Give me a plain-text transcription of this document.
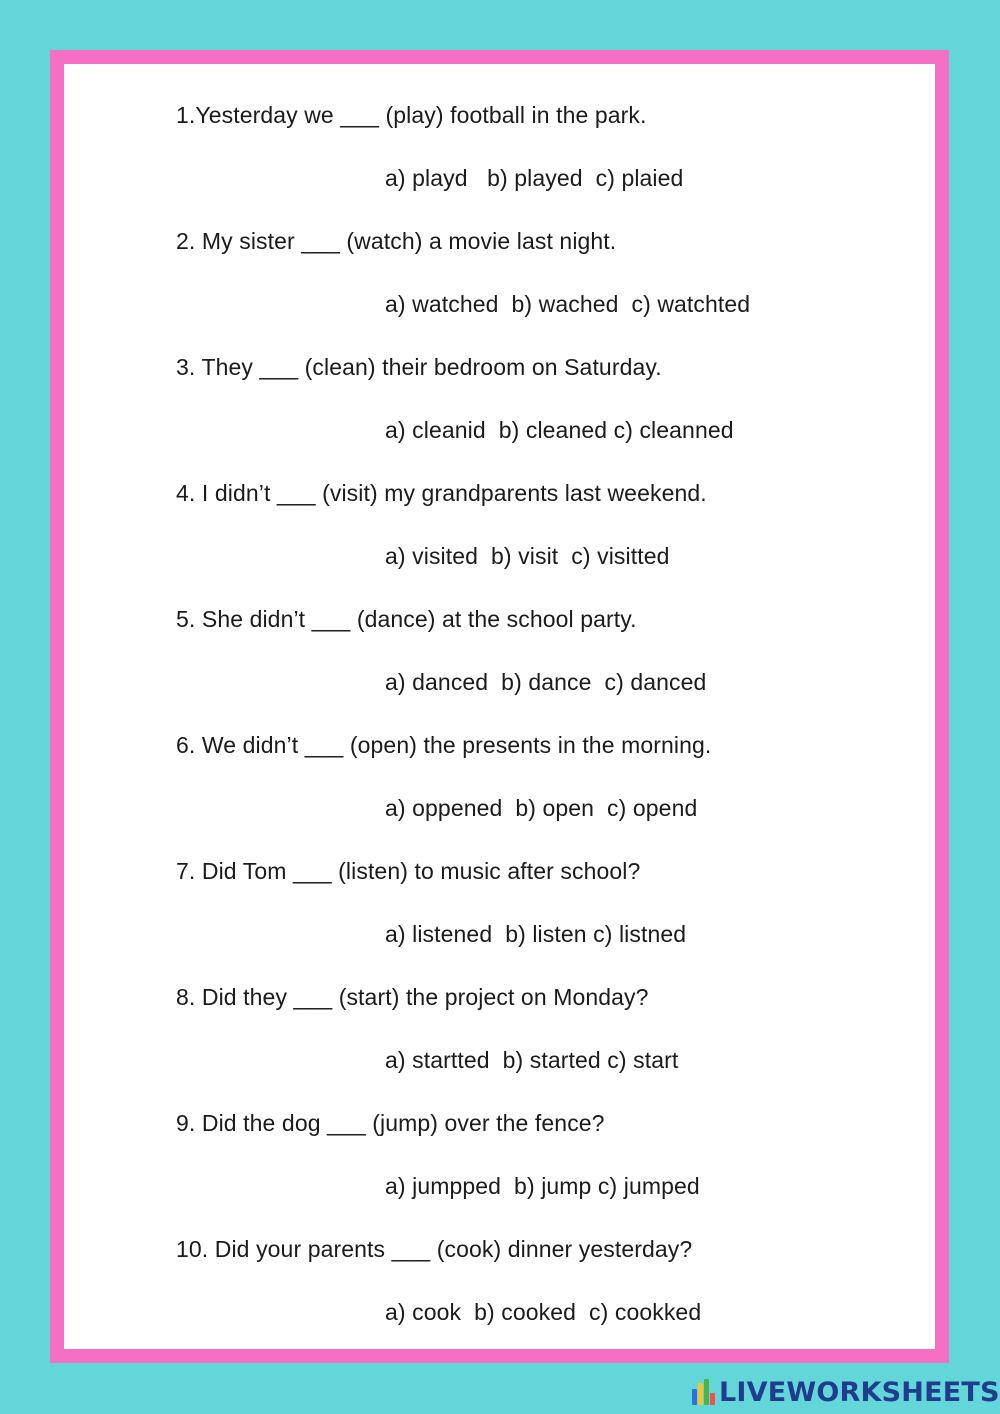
1.Yesterday we ___ (play) football in the park.
a) playd   b) played  c) plaied
2. My sister ___ (watch) a movie last night.
a) watched  b) wached  c) watchted
3. They ___ (clean) their bedroom on Saturday.
a) cleanid  b) cleaned c) cleanned
4. I didn’t ___ (visit) my grandparents last weekend.
a) visited  b) visit  c) visitted
5. She didn’t ___ (dance) at the school party.
a) danced  b) dance  c) danced
6. We didn’t ___ (open) the presents in the morning.
a) oppened  b) open  c) opend
7. Did Tom ___ (listen) to music after school?
a) listened  b) listen c) listned
8. Did they ___ (start) the project on Monday?
a) startted  b) started c) start
9. Did the dog ___ (jump) over the fence?
a) jumpped  b) jump c) jumped
10. Did your parents ___ (cook) dinner yesterday?
a) cook  b) cooked  c) cookked
LIVEWORKSHEETS
